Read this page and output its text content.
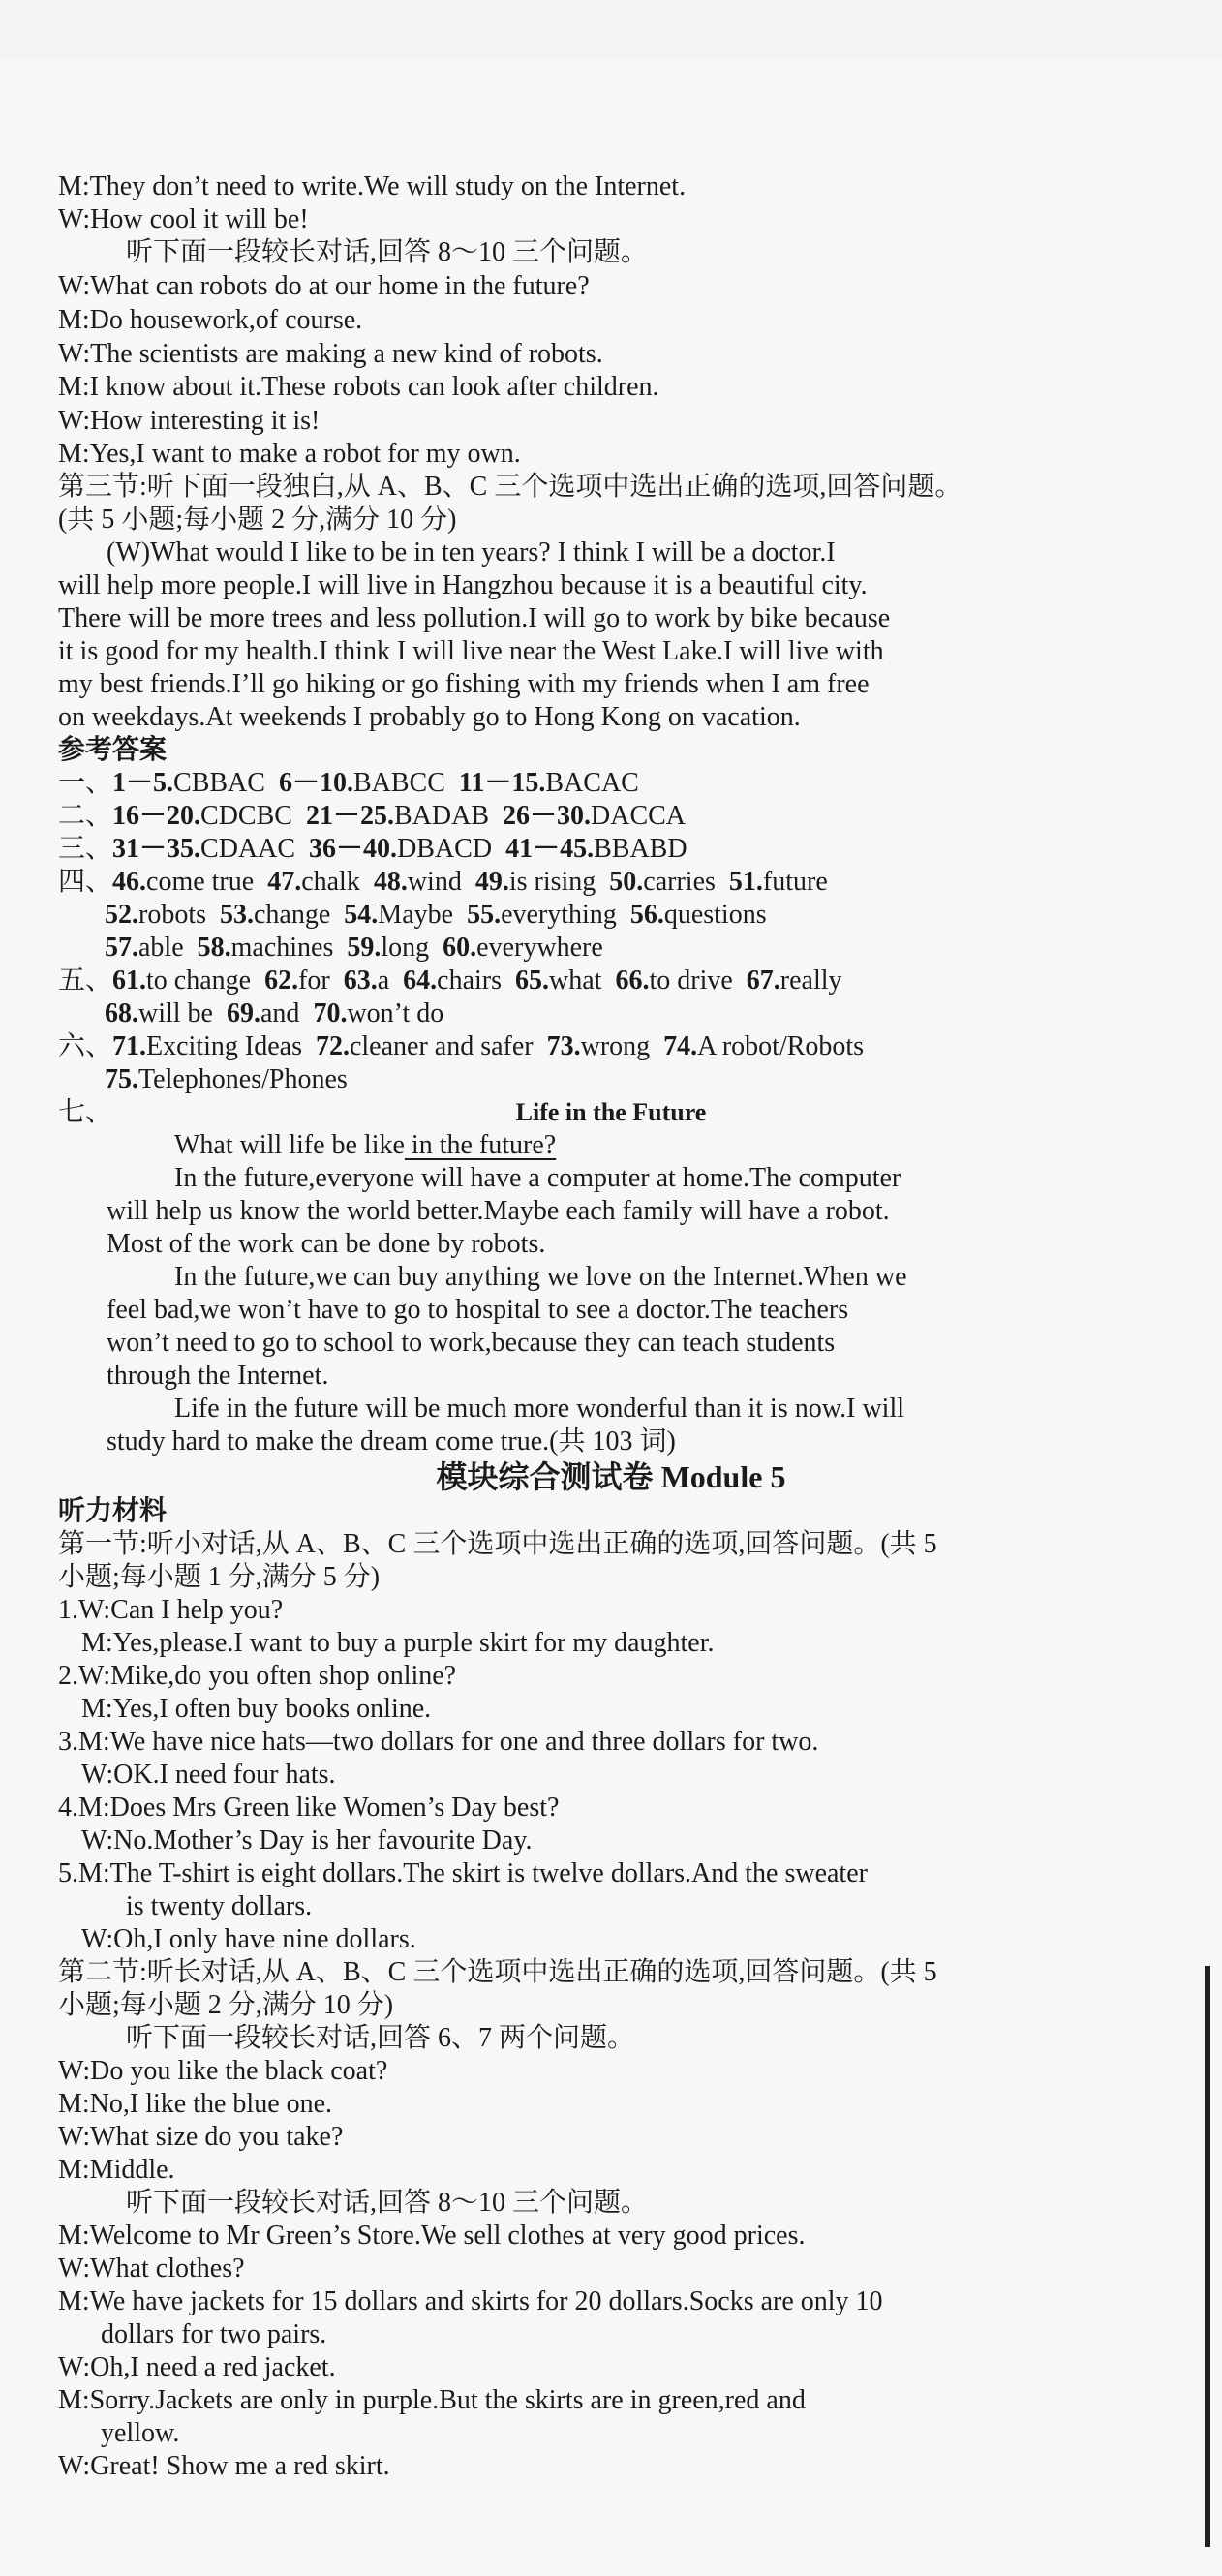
M:They don’t need to write.We will study on the Internet.
W:How cool it will be!
听下面一段较长对话,回答 8～10 三个问题。
W:What can robots do at our home in the future?
M:Do housework,of course.
W:The scientists are making a new kind of robots.
M:I know about it.These robots can look after children.
W:How interesting it is!
M:Yes,I want to make a robot for my own.
第三节:听下面一段独白,从 A、B、C 三个选项中选出正确的选项,回答问题。
(共 5 小题;每小题 2 分,满分 10 分)
(W)What would I like to be in ten years? I think I will be a doctor.I
will help more people.I will live in Hangzhou because it is a beautiful city.
There will be more trees and less pollution.I will go to work by bike because
it is good for my health.I think I will live near the West Lake.I will live with
my best friends.I’ll go hiking or go fishing with my friends when I am free
on weekdays.At weekends I probably go to Hong Kong on vacation.
参考答案
一、1－5.CBBAC 6－10.BABCC 11－15.BACAC
二、16－20.CDCBC 21－25.BADAB 26－30.DACCA
三、31－35.CDAAC 36－40.DBACD 41－45.BBABD
四、46.come true 47.chalk 48.wind 49.is rising 50.carries 51.future
52.robots 53.change 54.Maybe 55.everything 56.questions
57.able 58.machines 59.long 60.everywhere
五、61.to change 62.for 63.a 64.chairs 65.what 66.to drive 67.really
68.will be 69.and 70.won’t do
六、71.Exciting Ideas 72.cleaner and safer 73.wrong 74.A robot/Robots
75.Telephones/Phones
七、	Life in the Future
What will life be like in the future?
In the future,everyone will have a computer at home.The computer
will help us know the world better.Maybe each family will have a robot.
Most of the work can be done by robots.
In the future,we can buy anything we love on the Internet.When we
feel bad,we won’t have to go to hospital to see a doctor.The teachers
won’t need to go to school to work,because they can teach students
through the Internet.
Life in the future will be much more wonderful than it is now.I will
study hard to make the dream come true.(共 103 词)
模块综合测试卷 Module 5
听力材料
第一节:听小对话,从 A、B、C 三个选项中选出正确的选项,回答问题。(共 5
小题;每小题 1 分,满分 5 分)
1.W:Can I help you?
M:Yes,please.I want to buy a purple skirt for my daughter.
2.W:Mike,do you often shop online?
M:Yes,I often buy books online.
3.M:We have nice hats—two dollars for one and three dollars for two.
W:OK.I need four hats.
4.M:Does Mrs Green like Women’s Day best?
W:No.Mother’s Day is her favourite Day.
5.M:The T-shirt is eight dollars.The skirt is twelve dollars.And the sweater
is twenty dollars.
W:Oh,I only have nine dollars.
第二节:听长对话,从 A、B、C 三个选项中选出正确的选项,回答问题。(共 5
小题;每小题 2 分,满分 10 分)
听下面一段较长对话,回答 6、7 两个问题。
W:Do you like the black coat?
M:No,I like the blue one.
W:What size do you take?
M:Middle.
听下面一段较长对话,回答 8～10 三个问题。
M:Welcome to Mr Green’s Store.We sell clothes at very good prices.
W:What clothes?
M:We have jackets for 15 dollars and skirts for 20 dollars.Socks are only 10
dollars for two pairs.
W:Oh,I need a red jacket.
M:Sorry.Jackets are only in purple.But the skirts are in green,red and
yellow.
W:Great! Show me a red skirt.
